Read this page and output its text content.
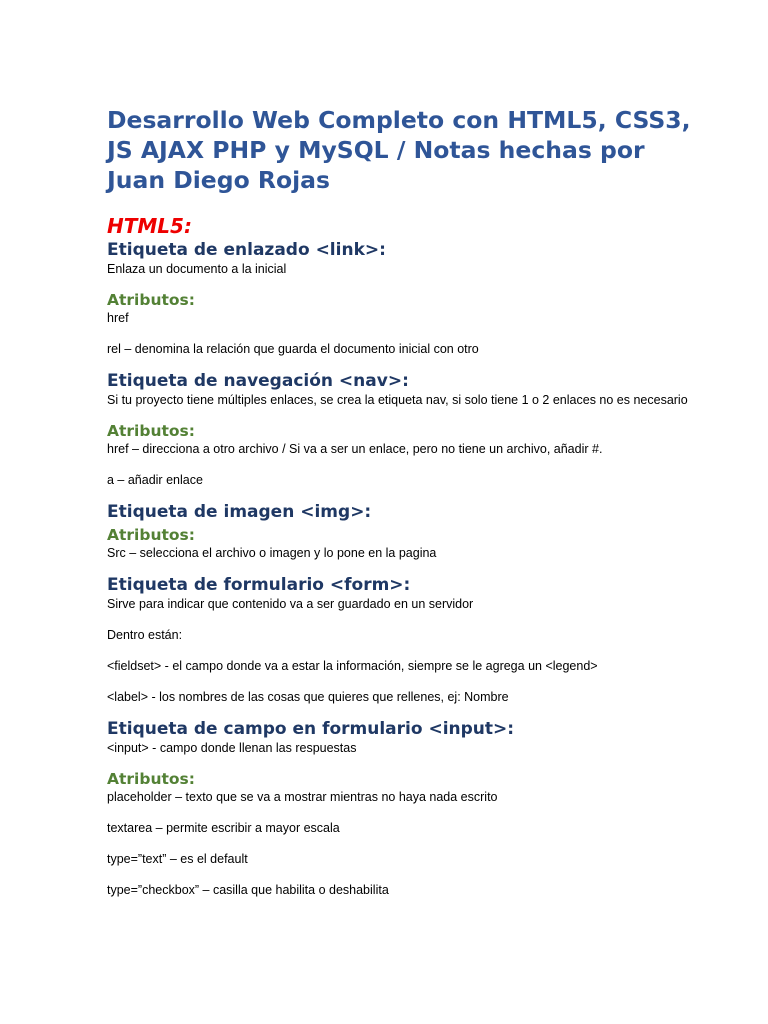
Desarrollo Web Completo con HTML5, CSS3, JS AJAX PHP y MySQL / Notas hechas por Juan Diego Rojas
HTML5:
Etiqueta de enlazado <link>:
Enlaza un documento a la inicial
Atributos:
href
rel – denomina la relación que guarda el documento inicial con otro
Etiqueta de navegación <nav>:
Si tu proyecto tiene múltiples enlaces, se crea la etiqueta nav, si solo tiene 1 o 2 enlaces no es necesario
Atributos:
href – direcciona a otro archivo / Si va a ser un enlace, pero no tiene un archivo, añadir #.
a – añadir enlace
Etiqueta de imagen <img>:
Atributos:
Src – selecciona el archivo o imagen y lo pone en la pagina
Etiqueta de formulario <form>:
Sirve para indicar que contenido va a ser guardado en un servidor
Dentro están:
<fieldset> - el campo donde va a estar la información, siempre se le agrega un <legend>
<label> - los nombres de las cosas que quieres que rellenes, ej: Nombre
Etiqueta de campo en formulario <input>:
<input> - campo donde llenan las respuestas
Atributos:
placeholder – texto que se va a mostrar mientras no haya nada escrito
textarea – permite escribir a mayor escala
type=”text” – es el default
type=”checkbox” – casilla que habilita o deshabilita
